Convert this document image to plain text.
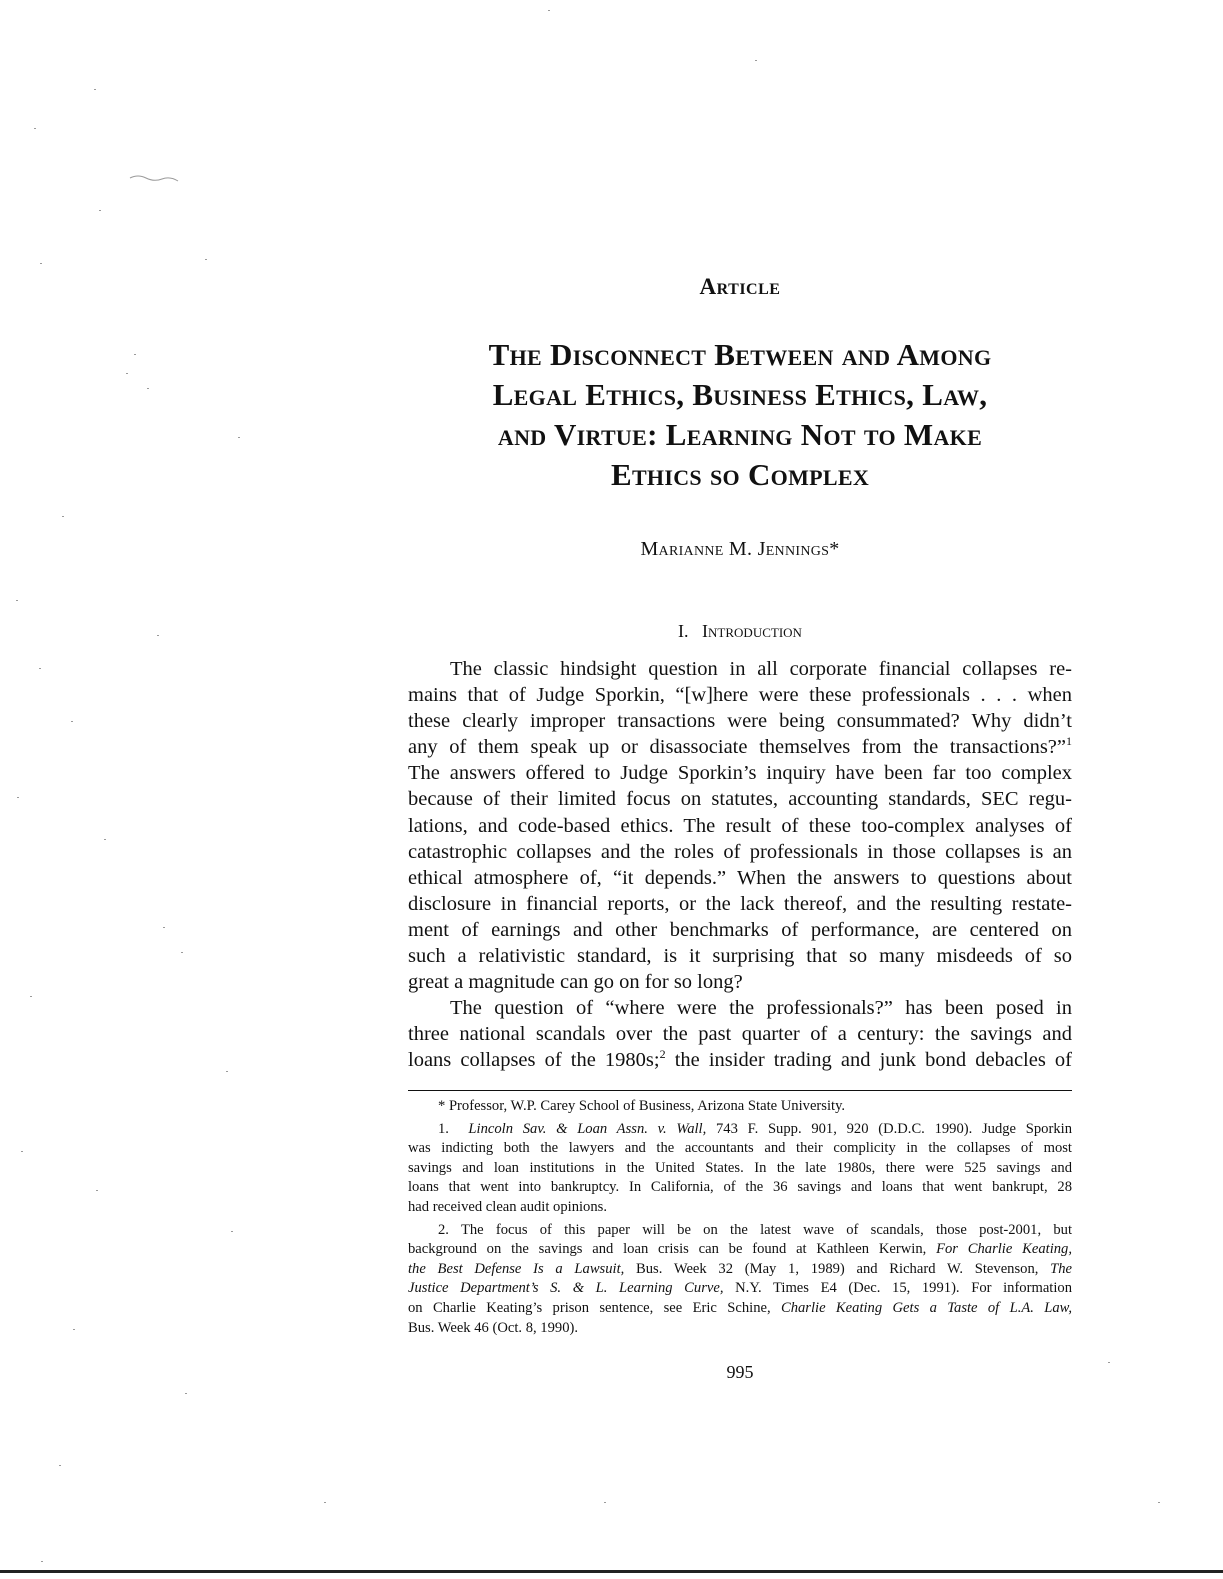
Article
The Disconnect Between and Among
Legal Ethics, Business Ethics, Law,
and Virtue: Learning Not to Make
Ethics so Complex
Marianne M. Jennings*
I. Introduction
The classic hindsight question in all corporate financial collapses re-
mains that of Judge Sporkin, “[w]here were these professionals . . . when
these clearly improper transactions were being consummated? Why didn’t
any of them speak up or disassociate themselves from the transactions?”$^1$
The answers offered to Judge Sporkin’s inquiry have been far too complex
because of their limited focus on statutes, accounting standards, SEC regu-
lations, and code-based ethics. The result of these too-complex analyses of
catastrophic collapses and the roles of professionals in those collapses is an
ethical atmosphere of, “it depends.” When the answers to questions about
disclosure in financial reports, or the lack thereof, and the resulting restate-
ment of earnings and other benchmarks of performance, are centered on
such a relativistic standard, is it surprising that so many misdeeds of so
great a magnitude can go on for so long?
The question of “where were the professionals?” has been posed in
three national scandals over the past quarter of a century: the savings and
loans collapses of the 1980s;$^2$ the insider trading and junk bond debacles of
* Professor, W.P. Carey School of Business, Arizona State University.
1. Lincoln Sav. & Loan Assn. v. Wall, 743 F. Supp. 901, 920 (D.D.C. 1990). Judge Sporkin
was indicting both the lawyers and the accountants and their complicity in the collapses of most
savings and loan institutions in the United States. In the late 1980s, there were 525 savings and
loans that went into bankruptcy. In California, of the 36 savings and loans that went bankrupt, 28
had received clean audit opinions.
2. The focus of this paper will be on the latest wave of scandals, those post-2001, but
background on the savings and loan crisis can be found at Kathleen Kerwin, For Charlie Keating,
the Best Defense Is a Lawsuit, Bus. Week 32 (May 1, 1989) and Richard W. Stevenson, The
Justice Department’s S. & L. Learning Curve, N.Y. Times E4 (Dec. 15, 1991). For information
on Charlie Keating’s prison sentence, see Eric Schine, Charlie Keating Gets a Taste of L.A. Law,
Bus. Week 46 (Oct. 8, 1990).
995
